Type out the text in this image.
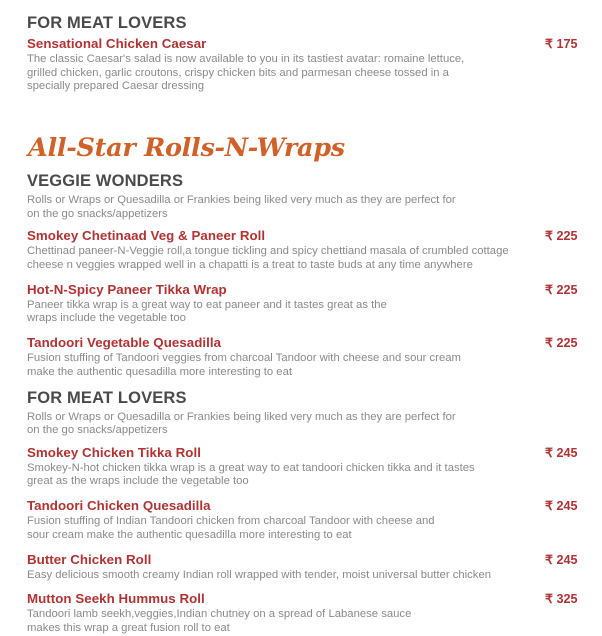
FOR MEAT LOVERS
Sensational Chicken Caesar	₹ 175
The classic Caesar's salad is now available to you in its tastiest avatar: romaine lettuce,
grilled chicken, garlic croutons, crispy chicken bits and parmesan cheese tossed in a
specially prepared Caesar dressing
All-Star Rolls-N-Wraps
VEGGIE WONDERS
Rolls or Wraps or Quesadilla or Frankies being liked very much as they are perfect for
on the go snacks/appetizers
Smokey Chetinaad Veg & Paneer Roll	₹ 225
Chettinad paneer-N-Veggie roll,a tongue tickling and spicy chettiand masala of crumbled cottage
cheese n veggies wrapped well in a chapatti is a treat to taste buds at any time anywhere
Hot-N-Spicy Paneer Tikka Wrap	₹ 225
Paneer tikka wrap is a great way to eat paneer and it tastes great as the
wraps include the vegetable too
Tandoori Vegetable Quesadilla	₹ 225
Fusion stuffing of Tandoori veggies from charcoal Tandoor with cheese and sour cream
make the authentic quesadilla more interesting to eat
FOR MEAT LOVERS
Rolls or Wraps or Quesadilla or Frankies being liked very much as they are perfect for
on the go snacks/appetizers
Smokey Chicken Tikka Roll	₹ 245
Smokey-N-hot chicken tikka wrap is a great way to eat tandoori chicken tikka and it tastes
great as the wraps include the vegetable too
Tandoori Chicken Quesadilla	₹ 245
Fusion stuffing of Indian Tandoori chicken from charcoal Tandoor with cheese and
sour cream make the authentic quesadilla more interesting to eat
Butter Chicken Roll	₹ 245
Easy delicious smooth creamy Indian roll wrapped with tender, moist universal butter chicken
Mutton Seekh Hummus Roll	₹ 325
Tandoori lamb seekh,veggies,Indian chutney on a spread of Labanese sauce
makes this wrap a great fusion roll to eat
